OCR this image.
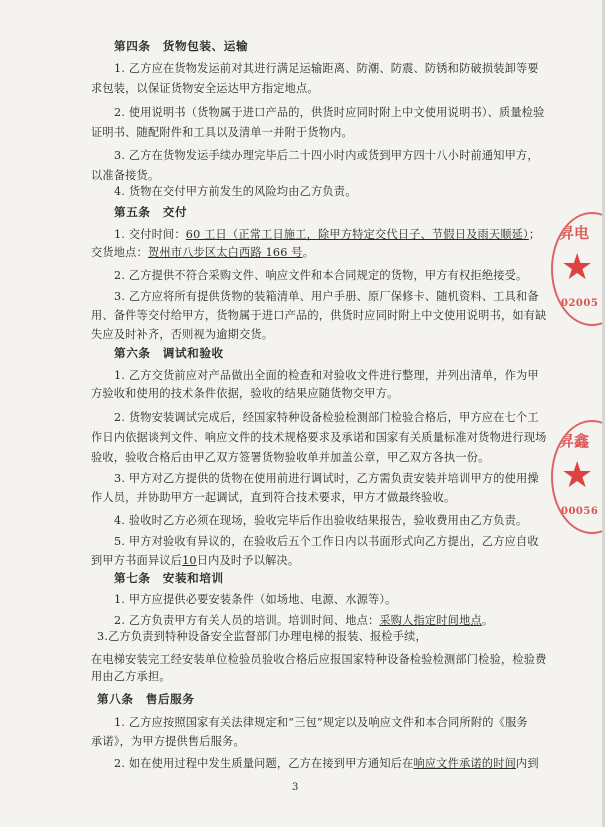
第四条　货物包装、运输
1. 乙方应在货物发运前对其进行满足运输距离、防潮、防震、防锈和防破损装卸等要
求包装，以保证货物安全运达甲方指定地点。
2. 使用说明书（货物属于进口产品的，供货时应同时附上中文使用说明书）、质量检验
证明书、随配附件和工具以及清单一并附于货物内。
3. 乙方在货物发运手续办理完毕后二十四小时内或货到甲方四十八小时前通知甲方，
以准备接货。
4. 货物在交付甲方前发生的风险均由乙方负责。
第五条　交付
1. 交付时间：60 工日（正常工日施工，除甲方特定交代日子、节假日及雨天顺延）；
交货地点：贺州市八步区太白西路 166 号。
2. 乙方提供不符合采购文件、响应文件和本合同规定的货物，甲方有权拒绝接受。
3. 乙方应将所有提供货物的装箱清单、用户手册、原厂保修卡、随机资料、工具和备
用、备件等交付给甲方，货物属于进口产品的，供货时应同时附上中文使用说明书，如有缺
失应及时补齐，否则视为逾期交货。
第六条　调试和验收
1. 乙方交货前应对产品做出全面的检查和对验收文件进行整理，并列出清单，作为甲
方验收和使用的技术条件依据，验收的结果应随货物交甲方。
2. 货物安装调试完成后，经国家特种设备检验检测部门检验合格后，甲方应在七个工
作日内依据谈判文件、响应文件的技术规格要求及承诺和国家有关质量标准对货物进行现场
验收，验收合格后由甲乙双方签署货物验收单并加盖公章，甲乙双方各执一份。
3. 甲方对乙方提供的货物在使用前进行调试时，乙方需负责安装并培训甲方的使用操
作人员，并协助甲方一起调试，直到符合技术要求，甲方才做最终验收。
4. 验收时乙方必须在现场，验收完毕后作出验收结果报告，验收费用由乙方负责。
5. 甲方对验收有异议的，在验收后五个工作日内以书面形式向乙方提出，乙方应自收
到甲方书面异议后10日内及时予以解决。
第七条　安装和培训
1. 甲方应提供必要安装条件（如场地、电源、水源等）。
2. 乙方负责甲方有关人员的培训。培训时间、地点：采购人指定时间地点。
3.乙方负责到特种设备安全监督部门办理电梯的报装、报检手续，
在电梯安装完工经安装单位检验员验收合格后应报国家特种设备检验检测部门检验，检验费
用由乙方承担。
第八条　售后服务
1. 乙方应按照国家有关法律规定和“三包”规定以及响应文件和本合同所附的《服务
承诺》，为甲方提供售后服务。
2. 如在使用过程中发生质量问题，乙方在接到甲方通知后在响应文件承诺的时间内到
3
昇电
★
02005
昇鑫
★
00056
